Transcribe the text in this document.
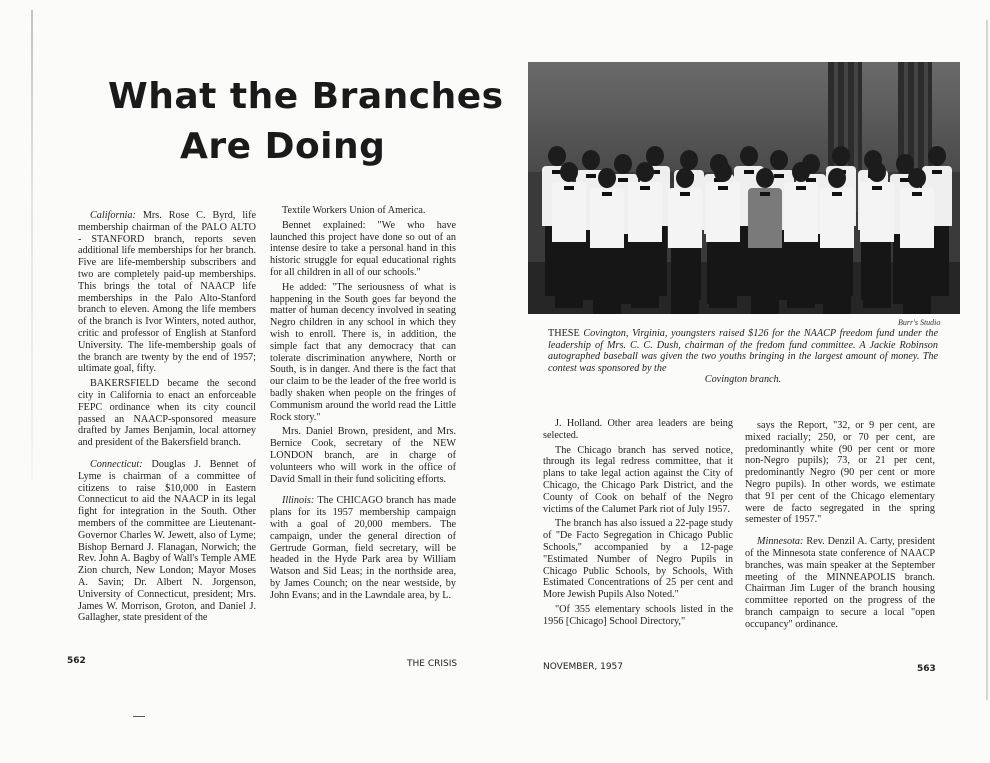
What the Branches
Are Doing

California: Mrs. Rose C. Byrd, life membership chairman of the PALO ALTO - STANFORD branch, reports seven additional life memberships for her branch. Five are life-membership subscribers and two are completely paid-up memberships. This brings the total of NAACP life memberships in the Palo Alto-Stanford branch to eleven. Among the life members of the branch is Ivor Winters, noted author, critic and professor of English at Stanford University. The life-membership goals of the branch are twenty by the end of 1957; ultimate goal, fifty.

BAKERSFIELD became the second city in California to enact an enforceable FEPC ordinance when its city council passed an NAACP-sponsored measure drafted by James Benjamin, local attorney and president of the Bakersfield branch.

Connecticut: Douglas J. Bennet of Lyme is chairman of a committee of citizens to raise $10,000 in Eastern Connecticut to aid the NAACP in its legal fight for integration in the South. Other members of the committee are Lieutenant-Governor Charles W. Jewett, also of Lyme; Bishop Bernard J. Flanagan, Norwich; the Rev. John A. Bagby of Wall's Temple AME Zion church, New London; Mayor Moses A. Savin; Dr. Albert N. Jorgenson, University of Connecticut, president; Mrs. James W. Morrison, Groton, and Daniel J. Gallagher, state president of the

Textile Workers Union of America.

Bennet explained: "We who have launched this project have done so out of an intense desire to take a personal hand in this historic struggle for equal educational rights for all children in all of our schools."

He added: "The seriousness of what is happening in the South goes far beyond the matter of human decency involved in seating Negro children in any school in which they wish to enroll. There is, in addition, the simple fact that any democracy that can tolerate discrimination anywhere, North or South, is in danger. And there is the fact that our claim to be the leader of the free world is badly shaken when people on the fringes of Communism around the world read the Little Rock story."

Mrs. Daniel Brown, president, and Mrs. Bernice Cook, secretary of the NEW LONDON branch, are in charge of volunteers who will work in the office of David Small in their fund soliciting efforts.

Illinois: The CHICAGO branch has made plans for its 1957 membership campaign with a goal of 20,000 members. The campaign, under the general direction of Gertrude Gorman, field secretary, will be headed in the Hyde Park area by William Watson and Sid Leas; in the northside area, by James Counch; on the near westside, by John Evans; and in the Lawndale area, by L.

Burr's Studio
THESE Covington, Virginia, youngsters raised $126 for the NAACP freedom fund under the leadership of Mrs. C. C. Dush, chairman of the fredom fund committee. A Jackie Robinson autographed baseball was given the two youths bringing in the largest amount of money. The contest was sponsored by the
Covington branch.

J. Holland. Other area leaders are being selected.

The Chicago branch has served notice, through its legal redress committee, that it plans to take legal action against the City of Chicago, the Chicago Park District, and the County of Cook on behalf of the Negro victims of the Calumet Park riot of July 1957.

The branch has also issued a 22-page study of "De Facto Segregation in Chicago Public Schools," accompanied by a 12-page "Estimated Number of Negro Pupils in Chicago Public Schools, by Schools, With Estimated Concentrations of 25 per cent and More Jewish Pupils Also Noted."

"Of 355 elementary schools listed in the 1956 [Chicago] School Directory,"

says the Report, "32, or 9 per cent, are mixed racially; 250, or 70 per cent, are predominantly white (90 per cent or more non-Negro pupils); 73, or 21 per cent, predominantly Negro (90 per cent or more Negro pupils). In other words, we estimate that 91 per cent of the Chicago elementary were de facto segregated in the spring semester of 1957."

Minnesota: Rev. Denzil A. Carty, president of the Minnesota state conference of NAACP branches, was main speaker at the September meeting of the MINNEAPOLIS branch. Chairman Jim Luger of the branch housing committee reported on the progress of the branch campaign to secure a local "open occupancy" ordinance.

562	THE CRISIS	NOVEMBER, 1957	563
